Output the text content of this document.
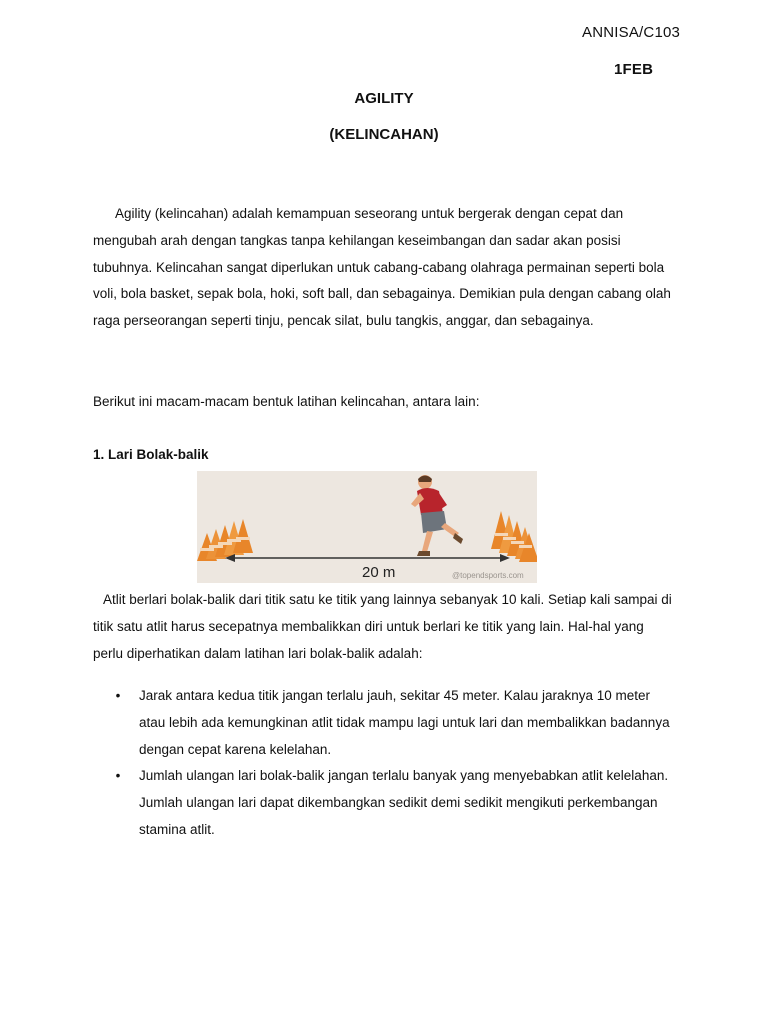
ANNISA/C103
1FEB
AGILITY
(KELINCAHAN)

Agility (kelincahan) adalah kemampuan seseorang untuk bergerak dengan cepat dan mengubah arah dengan tangkas tanpa kehilangan keseimbangan dan sadar akan posisi tubuhnya. Kelincahan sangat diperlukan untuk cabang-cabang olahraga permainan seperti bola voli, bola basket, sepak bola, hoki, soft ball, dan sebagainya. Demikian pula dengan cabang olah raga perseorangan seperti tinju, pencak silat, bulu tangkis, anggar, dan sebagainya.

Berikut ini macam-macam bentuk latihan kelincahan, antara lain:

1. Lari Bolak-balik

20 m	@topendsports.com

Atlit berlari bolak-balik dari titik satu ke titik yang lainnya sebanyak 10 kali. Setiap kali sampai di titik satu atlit harus secepatnya membalikkan diri untuk berlari ke titik yang lain. Hal-hal yang perlu diperhatikan dalam latihan lari bolak-balik adalah:

• Jarak antara kedua titik jangan terlalu jauh, sekitar 45 meter. Kalau jaraknya 10 meter atau lebih ada kemungkinan atlit tidak mampu lagi untuk lari dan membalikkan badannya dengan cepat karena kelelahan.
• Jumlah ulangan lari bolak-balik jangan terlalu banyak yang menyebabkan atlit kelelahan. Jumlah ulangan lari dapat dikembangkan sedikit demi sedikit mengikuti perkembangan stamina atlit.
